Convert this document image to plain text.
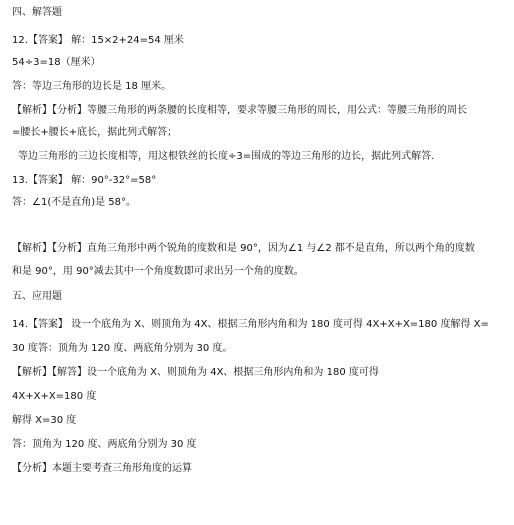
四、解答题
12.【答案】 解：15×2+24=54 厘米
54÷3=18（厘米）
答：等边三角形的边长是 18 厘米。
【解析】【分析】等腰三角形的两条腰的长度相等，要求等腰三角形的周长，用公式：等腰三角形的周长
=腰长+腰长+底长，据此列式解答；
等边三角形的三边长度相等，用这根铁丝的长度÷3=围成的等边三角形的边长，据此列式解答.
13.【答案】 解：90°-32°=58°
答：∠1(不是直角)是 58°。
【解析】【分析】直角三角形中两个锐角的度数和是 90°，因为∠1 与∠2 都不是直角，所以两个角的度数
和是 90°，用 90°减去其中一个角度数即可求出另一个角的度数。
五、应用题
14.【答案】 设一个底角为 X、则顶角为 4X、根据三角形内角和为 180 度可得 4X+X+X=180 度解得 X=
30 度答：顶角为 120 度、两底角分别为 30 度。
【解析】【解答】设一个底角为 X、则顶角为 4X、根据三角形内角和为 180 度可得
4X+X+X=180 度
解得 X=30 度
答：顶角为 120 度、两底角分别为 30 度
【分析】本题主要考查三角形角度的运算
